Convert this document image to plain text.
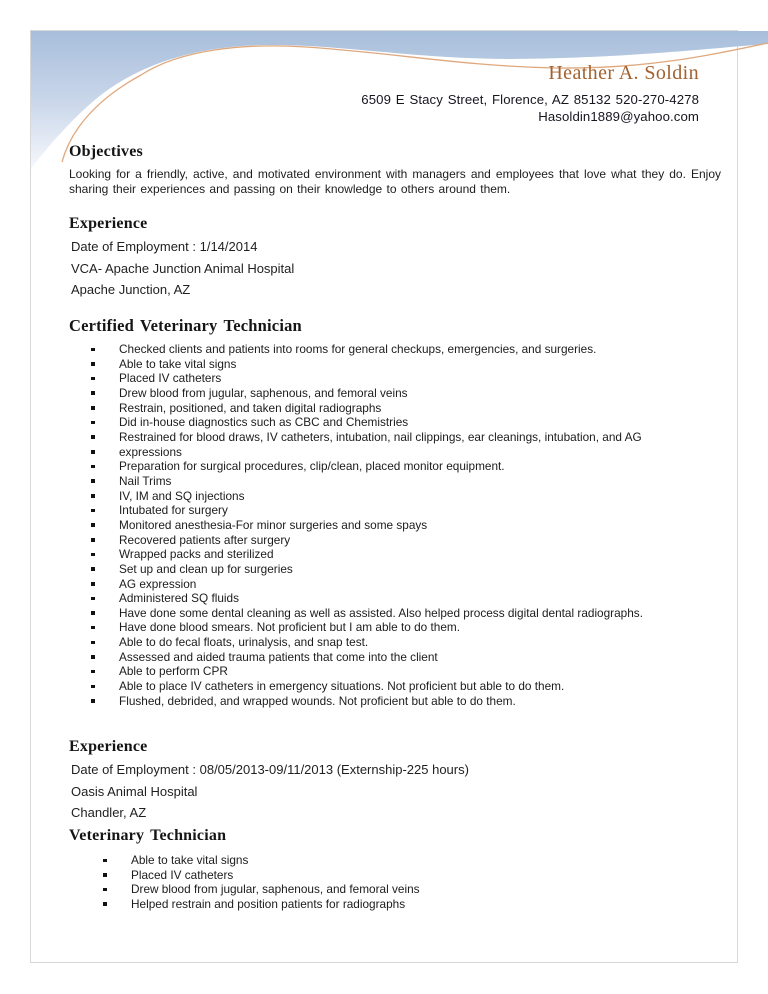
Heather A. Soldin
6509 E Stacy Street, Florence, AZ 85132 520-270-4278
Hasoldin1889@yahoo.com
Objectives

Looking for a friendly, active, and motivated environment with managers and employees that love what they do. Enjoy sharing their experiences and passing on their knowledge to others around them.

Experience
Date of Employment : 1/14/2014
VCA- Apache Junction Animal Hospital
Apache Junction, AZ
Certified Veterinary Technician
Checked clients and patients into rooms for general checkups, emergencies, and surgeries.
Able to take vital signs
Placed IV catheters
Drew blood from jugular, saphenous, and femoral veins
Restrain, positioned, and taken digital radiographs
Did in-house diagnostics such as CBC and Chemistries
Restrained for blood draws, IV catheters, intubation, nail clippings, ear cleanings, intubation, and AG
expressions
Preparation for surgical procedures, clip/clean, placed monitor equipment.
Nail Trims
IV, IM and SQ injections
Intubated for surgery
Monitored anesthesia-For minor surgeries and some spays
Recovered patients after surgery
Wrapped packs and sterilized
Set up and clean up for surgeries
AG expression
Administered SQ fluids
Have done some dental cleaning as well as assisted. Also helped process digital dental radiographs.
Have done blood smears. Not proficient but I am able to do them.
Able to do fecal floats, urinalysis, and snap test.
Assessed and aided trauma patients that come into the client
Able to perform CPR
Able to place IV catheters in emergency situations. Not proficient but able to do them.
Flushed, debrided, and wrapped wounds. Not proficient but able to do them.
Experience
Date of Employment : 08/05/2013-09/11/2013 (Externship-225 hours)
Oasis Animal Hospital
Chandler, AZ
Veterinary Technician
Able to take vital signs
Placed IV catheters
Drew blood from jugular, saphenous, and femoral veins
Helped restrain and position patients for radiographs
